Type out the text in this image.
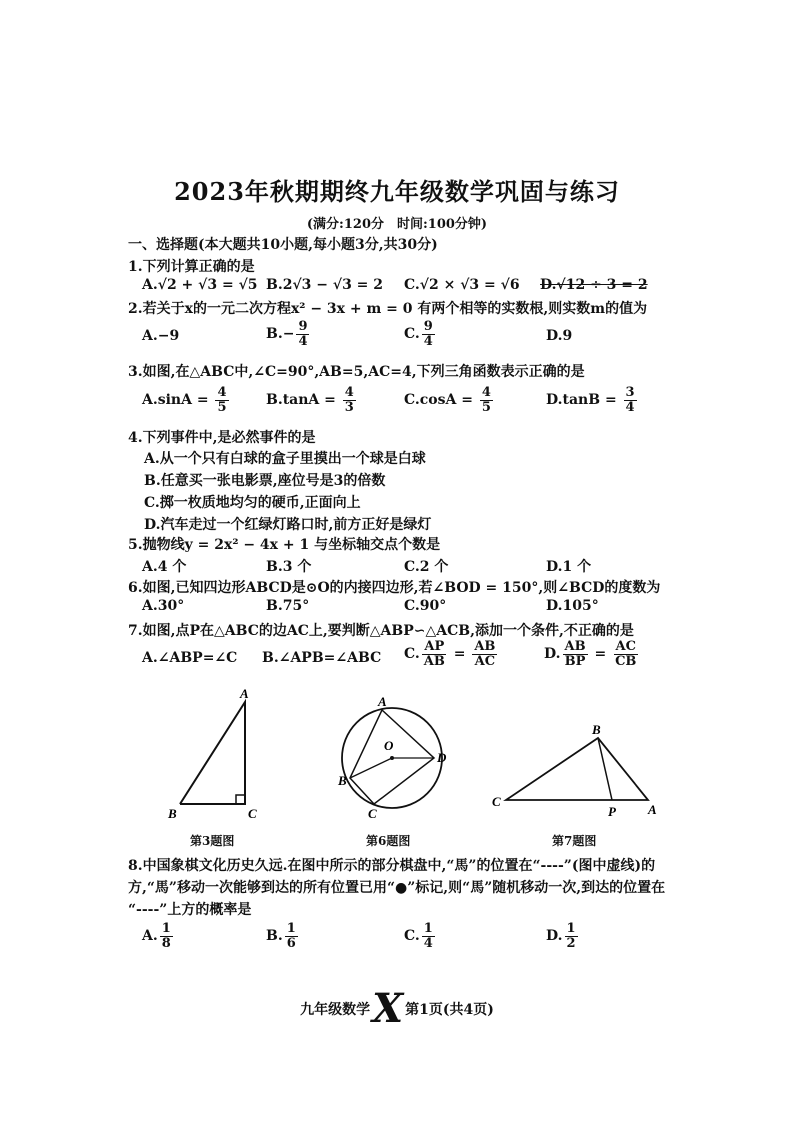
2023年秋期期终九年级数学巩固与练习
(满分:120分　时间:100分钟)
一、选择题(本大题共10小题,每小题3分,共30分)
1.下列计算正确的是
A.√2 + √3 = √5 B.2√3 − √3 = 2 C.√2 × √3 = √6 D.√12 ÷ 3 = 2
2.若关于x的一元二次方程x² − 3x + m = 0 有两个相等的实数根,则实数m的值为
A.−9	$B.- \frac{9}{4}$	C. $\frac{9}{4}$	D.9
3.如图,在△ABC中,∠C=90°,AB=5,AC=4,下列三角函数表示正确的是
$A.\sin A = \frac{4}{5}$	$B.\tan A = \frac{4}{3}$	$C.\cos A = \frac{4}{5}$	$D.\tan B = \frac{3}{4}$
4.下列事件中,是必然事件的是
A.从一个只有白球的盒子里摸出一个球是白球
B.任意买一张电影票,座位号是3的倍数
C.掷一枚质地均匀的硬币,正面向上
D.汽车走过一个红绿灯路口时,前方正好是绿灯
5.抛物线y = 2x² − 4x + 1 与坐标轴交点个数是
A.4 个	B.3 个	C.2 个	D.1 个
6.如图,已知四边形ABCD是⊙O的内接四边形,若∠BOD = 150°,则∠BCD的度数为
A.30°	B.75°	C.90°	D.105°
7.如图,点P在△ABC的边AC上,要判断△ABP∽△ACB,添加一个条件,不正确的是
A.∠ABP=∠C B.∠APB=∠ABC C. $\frac{AP}{AB} = \frac{AB}{AC}$	D. $\frac{AB}{BP} = \frac{AC}{CB}$
A
B	C
第3题图
A
O
D
B
C
第6题图
B
C
P A
第7题图
8.中国象棋文化历史久远.在图中所示的部分棋盘中,“馬”的位置在“----”(图中虚线)的
方,“馬”移动一次能够到达的所有位置已用“●”标记,则“馬”随机移动一次,到达的位置在
“----”上方的概率是
A. $\frac{1}{8}$	B. $\frac{1}{6}$	C. $\frac{1}{4}$	D. $\frac{1}{2}$
九年级数学X 第1页(共4页)
